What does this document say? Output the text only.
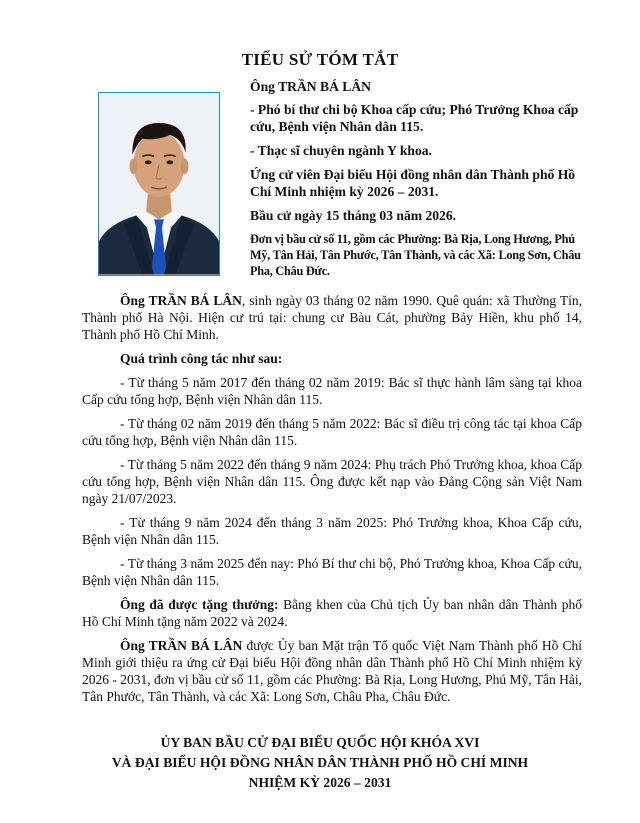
TIỂU SỬ TÓM TẮT

Ông TRẦN BÁ LÂN

- Phó bí thư chi bộ Khoa cấp cứu; Phó Trưởng Khoa cấp cứu, Bệnh viện Nhân dân 115.

- Thạc sĩ chuyên ngành Y khoa.

Ứng cử viên Đại biểu Hội đồng nhân dân Thành phố Hồ Chí Minh nhiệm kỳ 2026 – 2031.

Bầu cử ngày 15 tháng 03 năm 2026.

Đơn vị bầu cử số 11, gồm các Phường: Bà Rịa, Long Hương, Phú Mỹ, Tân Hải, Tân Phước, Tân Thành, và các Xã: Long Sơn, Châu Pha, Châu Đức.

Ông TRẦN BÁ LÂN, sinh ngày 03 tháng 02 năm 1990. Quê quán: xã Thường Tín, Thành phố Hà Nội. Hiện cư trú tại: chung cư Bàu Cát, phường Bảy Hiền, khu phố 14, Thành phố Hồ Chí Minh.

Quá trình công tác như sau:

- Từ tháng 5 năm 2017 đến tháng 02 năm 2019: Bác sĩ thực hành lâm sàng tại khoa Cấp cứu tổng hợp, Bệnh viện Nhân dân 115.

- Từ tháng 02 năm 2019 đến tháng 5 năm 2022: Bác sĩ điều trị công tác tại khoa Cấp cứu tổng hợp, Bệnh viện Nhân dân 115.

- Từ tháng 5 năm 2022 đến tháng 9 năm 2024: Phụ trách Phó Trưởng khoa, khoa Cấp cứu tổng hợp, Bệnh viện Nhân dân 115. Ông được kết nạp vào Đảng Cộng sản Việt Nam ngày 21/07/2023.

- Từ tháng 9 năm 2024 đến tháng 3 năm 2025: Phó Trưởng khoa, Khoa Cấp cứu, Bệnh viện Nhân dân 115.

- Từ tháng 3 năm 2025 đến nay: Phó Bí thư chi bộ, Phó Trưởng khoa, Khoa Cấp cứu, Bệnh viện Nhân dân 115.

Ông đã được tặng thưởng: Bằng khen của Chủ tịch Ủy ban nhân dân Thành phố Hồ Chí Minh tặng năm 2022 và 2024.

Ông TRẦN BÁ LÂN được Ủy ban Mặt trận Tổ quốc Việt Nam Thành phố Hồ Chí Minh giới thiệu ra ứng cử Đại biểu Hội đồng nhân dân Thành phố Hồ Chí Minh nhiệm kỳ 2026 - 2031, đơn vị bầu cử số 11, gồm các Phường: Bà Rịa, Long Hương, Phú Mỹ, Tân Hải, Tân Phước, Tân Thành, và các Xã: Long Sơn, Châu Pha, Châu Đức.

ỦY BAN BẦU CỬ ĐẠI BIỂU QUỐC HỘI KHÓA XVI
VÀ ĐẠI BIỂU HỘI ĐỒNG NHÂN DÂN THÀNH PHỐ HỒ CHÍ MINH
NHIỆM KỲ 2026 – 2031
